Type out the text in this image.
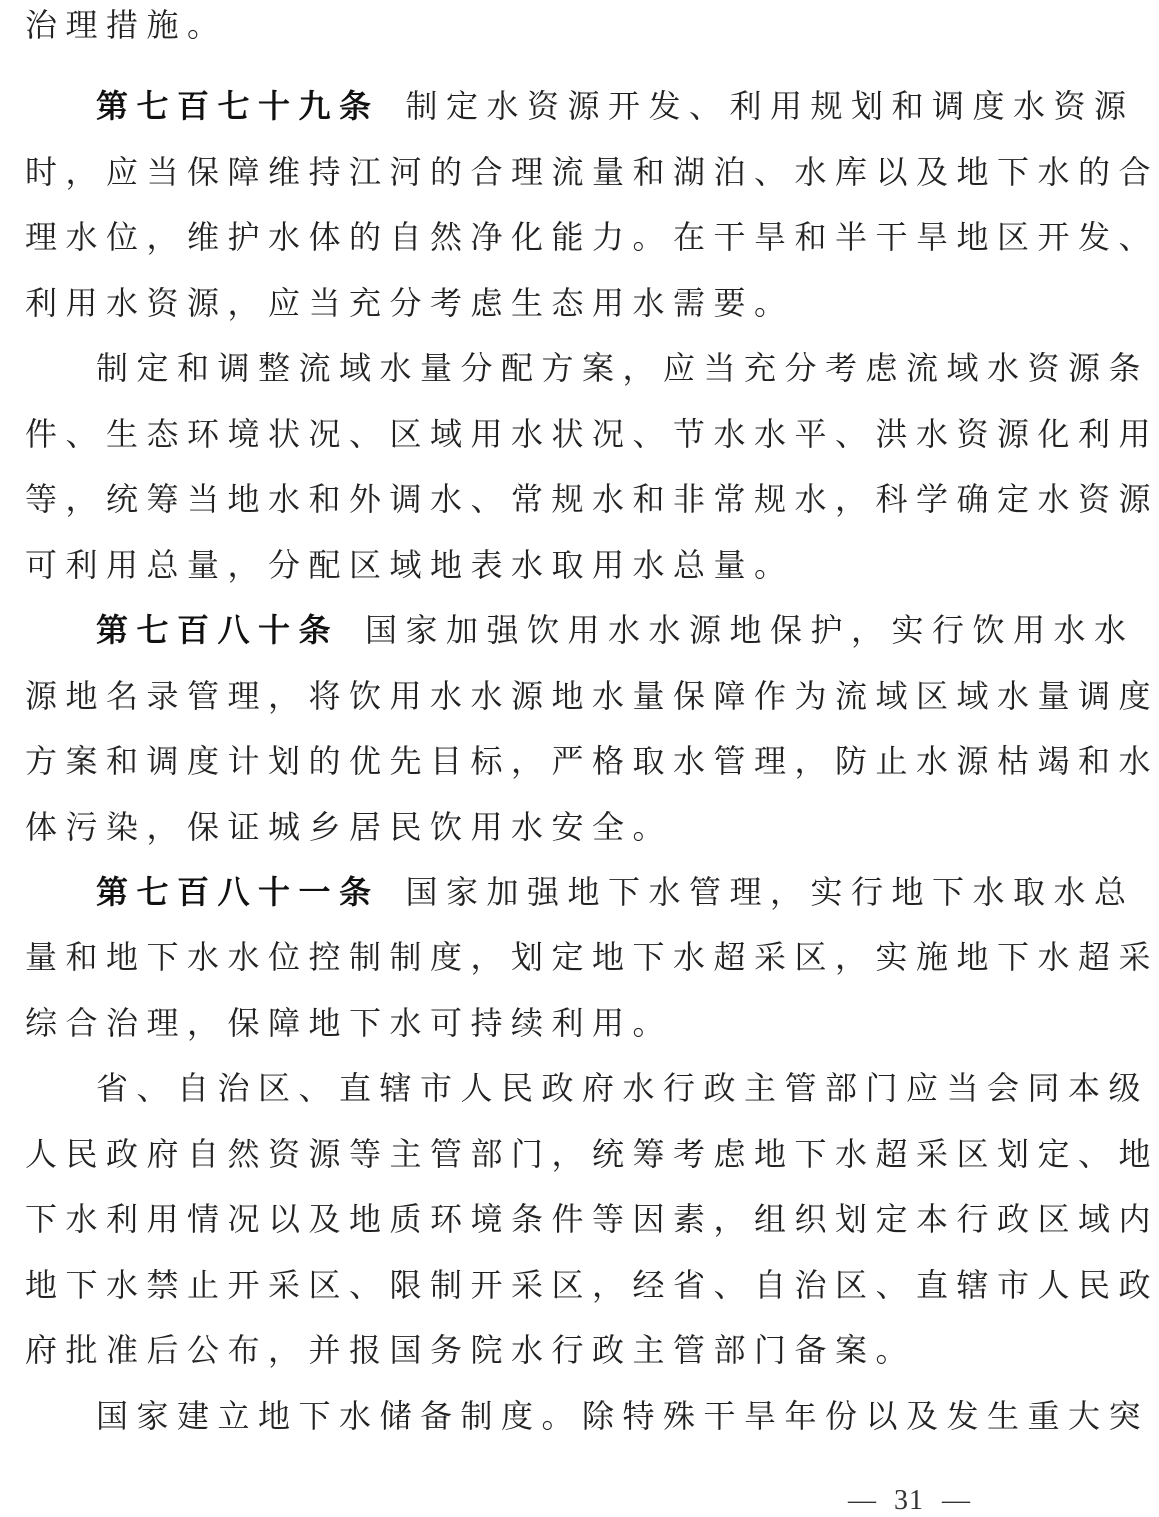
治理措施。
第七百七十九条 制定水资源开发、利用规划和调度水资源
时，应当保障维持江河的合理流量和湖泊、水库以及地下水的合
理水位，维护水体的自然净化能力。在干旱和半干旱地区开发、
利用水资源，应当充分考虑生态用水需要。
制定和调整流域水量分配方案，应当充分考虑流域水资源条
件、生态环境状况、区域用水状况、节水水平、洪水资源化利用
等，统筹当地水和外调水、常规水和非常规水，科学确定水资源
可利用总量，分配区域地表水取用水总量。
第七百八十条 国家加强饮用水水源地保护，实行饮用水水
源地名录管理，将饮用水水源地水量保障作为流域区域水量调度
方案和调度计划的优先目标，严格取水管理，防止水源枯竭和水
体污染，保证城乡居民饮用水安全。
第七百八十一条 国家加强地下水管理，实行地下水取水总
量和地下水水位控制制度，划定地下水超采区，实施地下水超采
综合治理，保障地下水可持续利用。
省、自治区、直辖市人民政府水行政主管部门应当会同本级
人民政府自然资源等主管部门，统筹考虑地下水超采区划定、地
下水利用情况以及地质环境条件等因素，组织划定本行政区域内
地下水禁止开采区、限制开采区，经省、自治区、直辖市人民政
府批准后公布，并报国务院水行政主管部门备案。
国家建立地下水储备制度。除特殊干旱年份以及发生重大突
— 31 —
